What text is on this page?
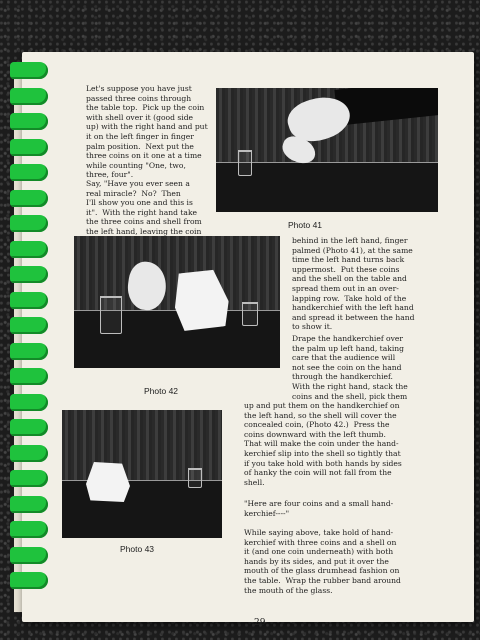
Let's suppose you have just
passed three coins through
the table top.  Pick up the coin
with shell over it (good side
up) with the right hand and put
it on the left finger in finger
palm position.  Next put the
three coins on it one at a time
while counting "One, two,
three, four".
Say, "Have you ever seen a
real miracle?  No?  Then
I'll show you one and this is
it".  With the right hand take
the three coins and shell from
the left hand, leaving the coin

Photo 41
Photo 42
Photo 43
behind in the left hand, finger
palmed (Photo 41), at the same
time the left hand turns back
uppermost.  Put these coins
and the shell on the table and
spread them out in an over-
lapping row.  Take hold of the
handkerchief with the left hand
and spread it between the hand
to show it.
Drape the handkerchief over
the palm up left hand, taking
care that the audience will
not see the coin on the hand
through the handkerchief.
With the right hand, stack the
coins and the shell, pick them
up and put them on the handkerchief on
the left hand, so the shell will cover the
concealed coin, (Photo 42.)  Press the
coins downward with the left thumb.
That will make the coin under the hand-
kerchief slip into the shell so tightly that
if you take hold with both hands by sides
of hanky the coin will not fall from the
shell.
"Here are four coins and a small hand-
kerchief----"
While saying above, take hold of hand-
kerchief with three coins and a shell on
it (and one coin underneath) with both
hands by its sides, and put it over the
mouth of the glass drumhead fashion on
the table.  Wrap the rubber band around
the mouth of the glass.
29
